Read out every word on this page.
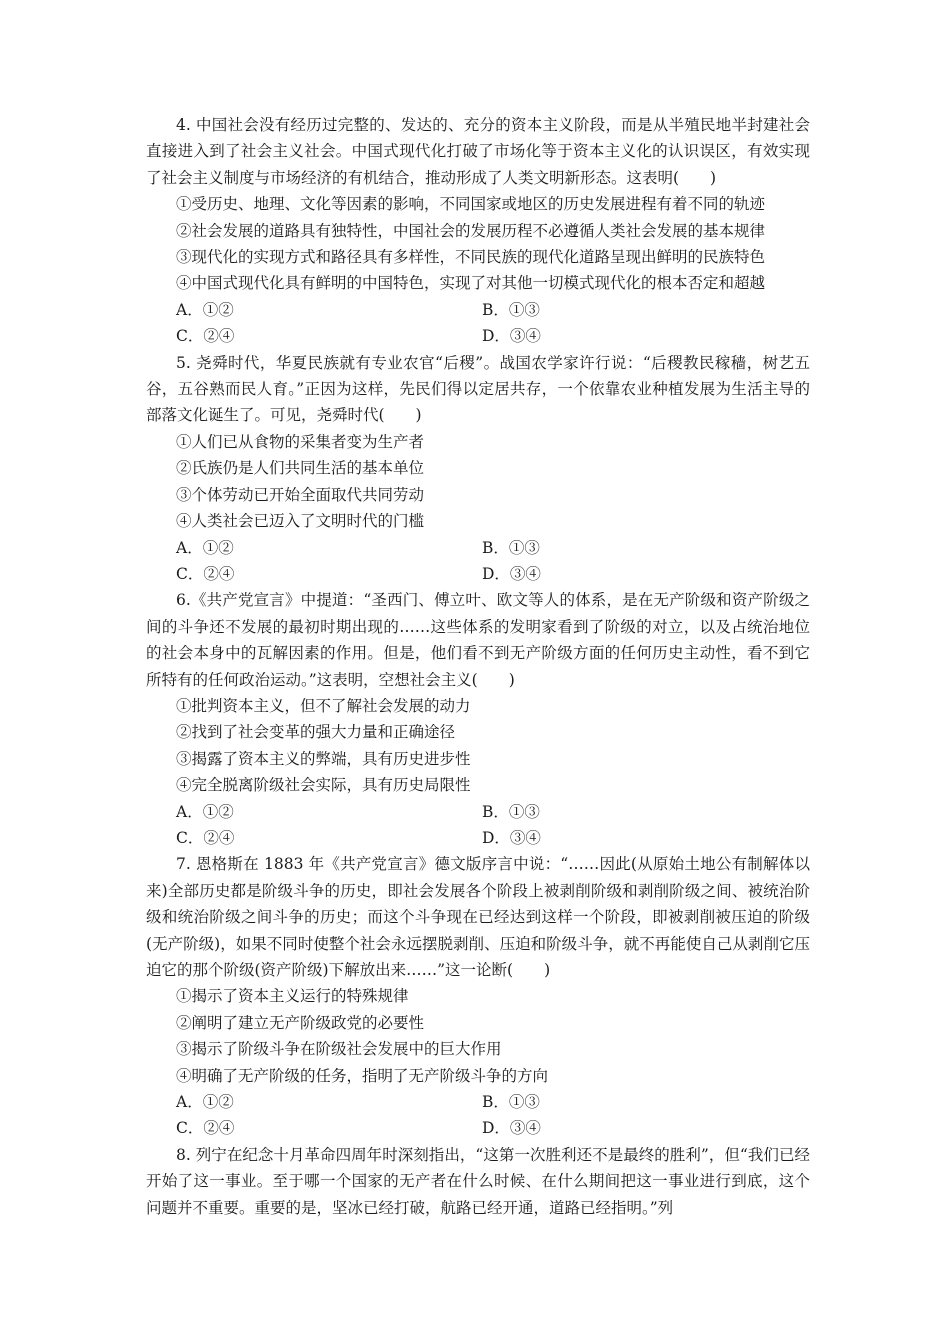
4. 中国社会没有经历过完整的、发达的、充分的资本主义阶段，而是从半殖民地半封建社会直接进入到了社会主义社会。中国式现代化打破了市场化等于资本主义化的认识误区，有效实现了社会主义制度与市场经济的有机结合，推动形成了人类文明新形态。这表明(　　)

①受历史、地理、文化等因素的影响，不同国家或地区的历史发展进程有着不同的轨迹

②社会发展的道路具有独特性，中国社会的发展历程不必遵循人类社会发展的基本规律

③现代化的实现方式和路径具有多样性，不同民族的现代化道路呈现出鲜明的民族特色

④中国式现代化具有鲜明的中国特色，实现了对其他一切模式现代化的根本否定和超越

A．①②	B．①③
C．②④	D．③④

5. 尧舜时代，华夏民族就有专业农官“后稷”。战国农学家许行说：“后稷教民稼穑，树艺五谷，五谷熟而民人育。”正因为这样，先民们得以定居共存，一个依靠农业种植发展为生活主导的部落文化诞生了。可见，尧舜时代(　　)

①人们已从食物的采集者变为生产者

②氏族仍是人们共同生活的基本单位

③个体劳动已开始全面取代共同劳动

④人类社会已迈入了文明时代的门槛

A．①②	B．①③
C．②④	D．③④

6.《共产党宣言》中提道：“圣西门、傅立叶、欧文等人的体系，是在无产阶级和资产阶级之间的斗争还不发展的最初时期出现的……这些体系的发明家看到了阶级的对立，以及占统治地位的社会本身中的瓦解因素的作用。但是，他们看不到无产阶级方面的任何历史主动性，看不到它所特有的任何政治运动。”这表明，空想社会主义(　　)

①批判资本主义，但不了解社会发展的动力

②找到了社会变革的强大力量和正确途径

③揭露了资本主义的弊端，具有历史进步性

④完全脱离阶级社会实际，具有历史局限性

A．①②	B．①③
C．②④	D．③④

7. 恩格斯在 1883 年《共产党宣言》德文版序言中说：“……因此(从原始土地公有制解体以来)全部历史都是阶级斗争的历史，即社会发展各个阶段上被剥削阶级和剥削阶级之间、被统治阶级和统治阶级之间斗争的历史；而这个斗争现在已经达到这样一个阶段，即被剥削被压迫的阶级(无产阶级)，如果不同时使整个社会永远摆脱剥削、压迫和阶级斗争，就不再能使自己从剥削它压迫它的那个阶级(资产阶级)下解放出来……”这一论断(　　)

①揭示了资本主义运行的特殊规律

②阐明了建立无产阶级政党的必要性

③揭示了阶级斗争在阶级社会发展中的巨大作用

④明确了无产阶级的任务，指明了无产阶级斗争的方向

A．①②	B．①③
C．②④	D．③④

8. 列宁在纪念十月革命四周年时深刻指出，“这第一次胜利还不是最终的胜利”，但“我们已经开始了这一事业。至于哪一个国家的无产者在什么时候、在什么期间把这一事业进行到底，这个问题并不重要。重要的是，坚冰已经打破，航路已经开通，道路已经指明。”列
